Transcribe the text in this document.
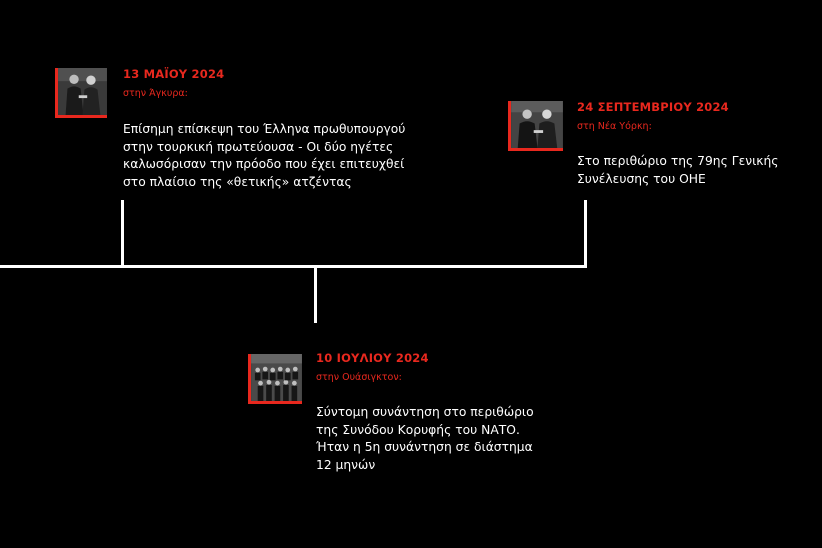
13 ΜΑΪΟΥ 2024
στην Άγκυρα:
Επίσημη επίσκεψη του Έλληνα πρωθυπουργού στην τουρκική πρωτεύουσα - Οι δύο ηγέτες καλωσόρισαν την πρόοδο που έχει επιτευχθεί στο πλαίσιο της «θετικής» ατζέντας
24 ΣΕΠΤΕΜΒΡΙΟΥ 2024
στη Νέα Υόρκη:
Στο περιθώριο της 79ης Γενικής Συνέλευσης του ΟΗΕ
10 ΙΟΥΛΙΟΥ 2024
στην Ουάσιγκτον:
Σύντομη συνάντηση στο περιθώριο της Συνόδου Κορυφής του ΝΑΤΟ. Ήταν η 5η συνάντηση σε διάστημα 12 μηνών
